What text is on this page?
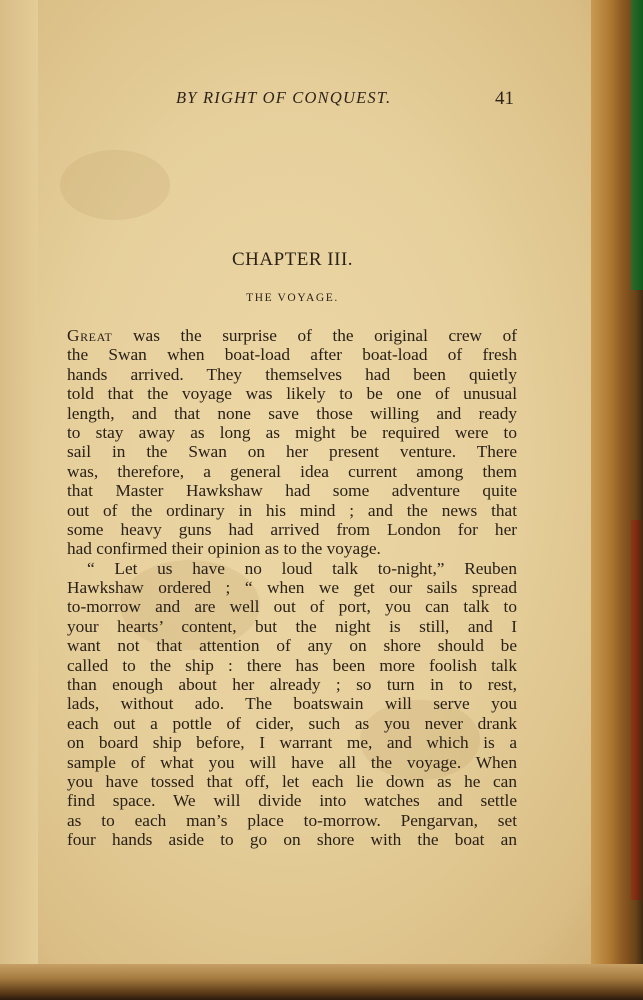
BY RIGHT OF CONQUEST.	41
CHAPTER III.
THE VOYAGE.
Great was the surprise of the original crew of
the Swan when boat-load after boat-load of fresh
hands arrived. They themselves had been quietly
told that the voyage was likely to be one of unusual
length, and that none save those willing and ready
to stay away as long as might be required were to
sail in the Swan on her present venture. There
was, therefore, a general idea current among them
that Master Hawkshaw had some adventure quite
out of the ordinary in his mind ; and the news that
some heavy guns had arrived from London for her
had confirmed their opinion as to the voyage.
“ Let us have no loud talk to-night,” Reuben
Hawkshaw ordered ; “ when we get our sails spread
to-morrow and are well out of port, you can talk to
your hearts’ content, but the night is still, and I
want not that attention of any on shore should be
called to the ship : there has been more foolish talk
than enough about her already ; so turn in to rest,
lads, without ado. The boatswain will serve you
each out a pottle of cider, such as you never drank
on board ship before, I warrant me, and which is a
sample of what you will have all the voyage. When
you have tossed that off, let each lie down as he can
find space. We will divide into watches and settle
as to each man’s place to-morrow. Pengarvan, set
four hands aside to go on shore with the boat an
